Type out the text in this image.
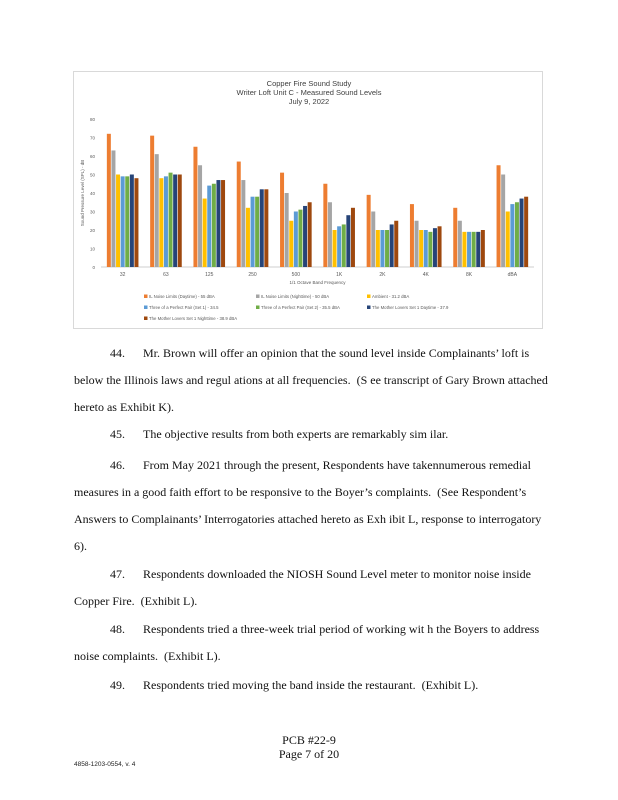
Copper Fire Sound Study
Writer Loft Unit C - Measured Sound Levels
July 9, 2022
0
10
20
30
40
50
60
70
80
Sound Pressure Level (SPL) - dB
32	63	125	250	500	1K	2K	4K	8K	dBA
1/1 Octave Band Frequency
IL Noise Limits (Daytime) - 55 dBA	IL Noise Limits (Nighttime) - 50 dBA	Ambient - 31.2 dBA
Three of a Perfect Pair (Set 1) - 34.5	Three of a Perfect Pair (Set 2) - 35.5 dBA	The Mother Lovers Set 1 Daytime - 37.9
The Mother Lovers Set 1 Nighttime - 38.9 dBA
44.      Mr. Brown will offer an opinion that the sound level inside Complainants’ loft is
below the Illinois laws and regul ations at all frequencies.  (S ee transcript of Gary Brown attached
hereto as Exhibit K).
45.      The objective results from both experts are remarkably sim ilar.
46.      From May 2021 through the present, Respondents have takennumerous remedial
measures in a good faith effort to be responsive to the Boyer’s complaints.  (See Respondent’s
Answers to Complainants’ Interrogatories attached hereto as Exh ibit L, response to interrogatory
6).
47.      Respondents downloaded the NIOSH Sound Level meter to monitor noise inside
Copper Fire.  (Exhibit L).
48.      Respondents tried a three-week trial period of working wit h the Boyers to address
noise complaints.  (Exhibit L).
49.      Respondents tried moving the band inside the restaurant.  (Exhibit L).
PCB #22-9
Page 7 of 20
4858-1203-0554, v. 4
